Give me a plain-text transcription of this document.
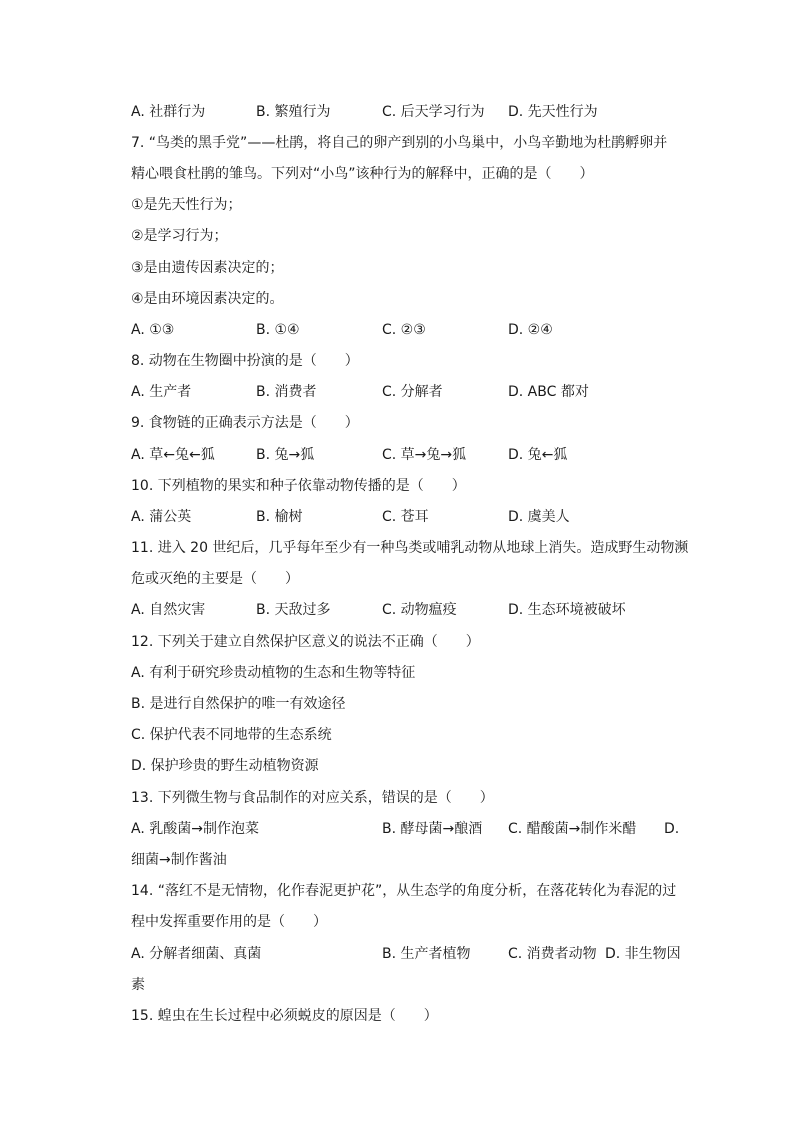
A. 社群行为	B. 繁殖行为	C. 后天学习行为 D. 先天性行为
7. “鸟类的黑手党”——杜鹃，将自己的卵产到别的小鸟巢中，小鸟辛勤地为杜鹃孵卵并
精心喂食杜鹃的雏鸟。下列对“小鸟”该种行为的解释中，正确的是（　　）
①是先天性行为；
②是学习行为；
③是由遗传因素决定的；
④是由环境因素决定的。
A. ①③	B. ①④	C. ②③	D. ②④
8. 动物在生物圈中扮演的是（　　）
A. 生产者	B. 消费者	C. 分解者	D. ABC 都对
9. 食物链的正确表示方法是（　　）
A. 草←兔←狐	B. 兔→狐	C. 草→兔→狐	D. 兔←狐
10. 下列植物的果实和种子依靠动物传播的是（　　）
A. 蒲公英	B. 榆树	C. 苍耳	D. 虞美人
11. 进入 20 世纪后，几乎每年至少有一种鸟类或哺乳动物从地球上消失。造成野生动物濒
危或灭绝的主要是（　　）
A. 自然灾害	B. 天敌过多	C. 动物瘟疫	D. 生态环境被破坏
12. 下列关于建立自然保护区意义的说法不正确（　　）
A. 有利于研究珍贵动植物的生态和生物等特征
B. 是进行自然保护的唯一有效途径
C. 保护代表不同地带的生态系统
D. 保护珍贵的野生动植物资源
13. 下列微生物与食品制作的对应关系，错误的是（　　）
A. 乳酸菌→制作泡菜	B. 酵母菌→酿酒 C. 醋酸菌→制作米醋 D.
细菌→制作酱油
14. “落红不是无情物，化作春泥更护花”，从生态学的角度分析，在落花转化为春泥的过
程中发挥重要作用的是（　　）
A. 分解者细菌、真菌	B. 生产者植物	C. 消费者动物 D. 非生物因
素
15. 蝗虫在生长过程中必须蜕皮的原因是（　　）
